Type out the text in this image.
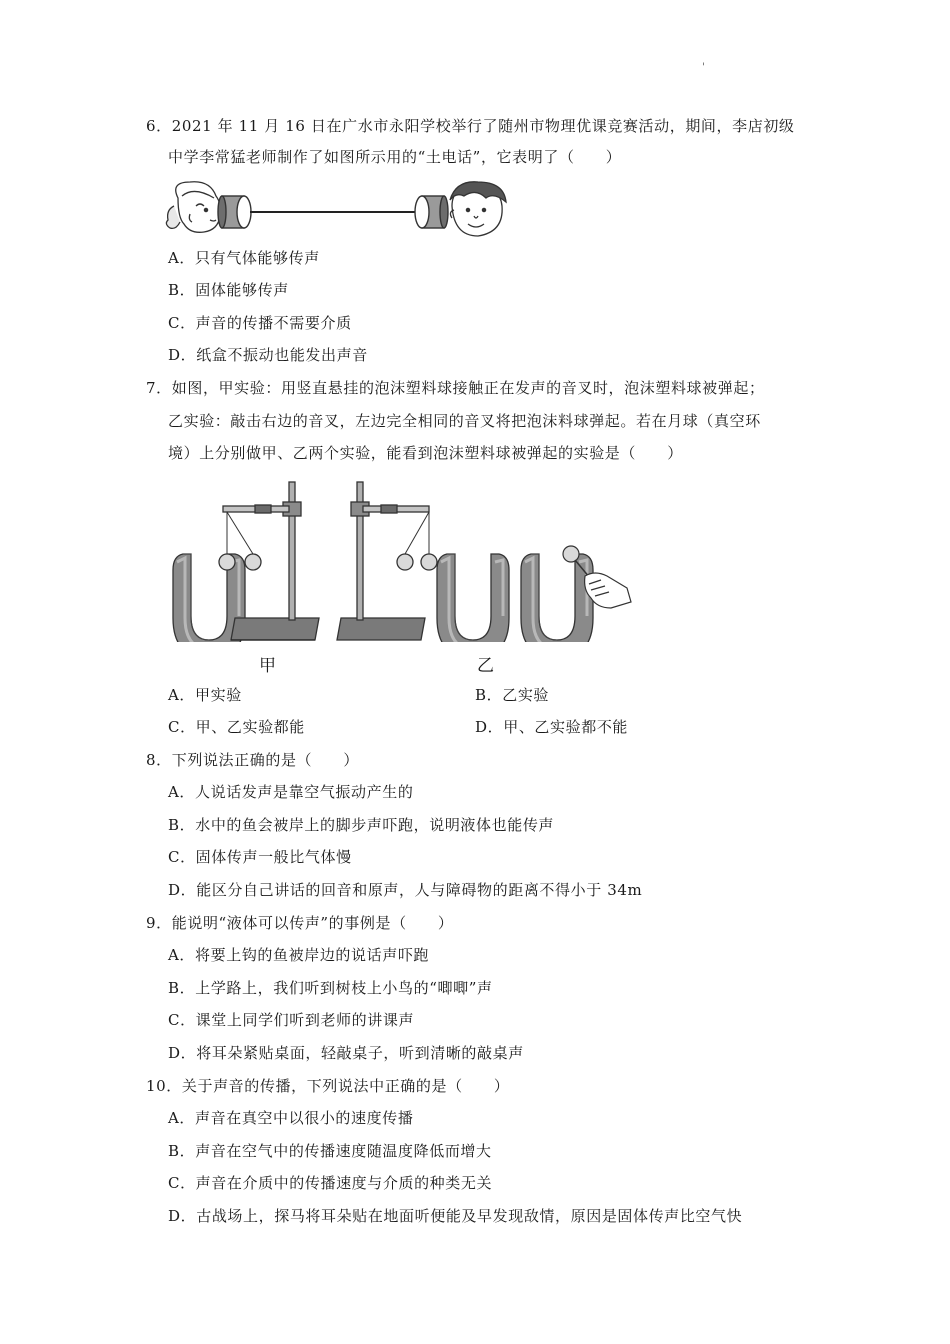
'
6．2021 年 11 月 16 日在广水市永阳学校举行了随州市物理优课竞赛活动，期间，李店初级
中学李常猛老师制作了如图所示用的“土电话”，它表明了（　　）
A．只有气体能够传声
B．固体能够传声
C．声音的传播不需要介质
D．纸盒不振动也能发出声音
7．如图，甲实验：用竖直悬挂的泡沫塑料球接触正在发声的音叉时，泡沫塑料球被弹起；
乙实验：敲击右边的音叉，左边完全相同的音叉将把泡沫料球弹起。若在月球（真空环
境）上分别做甲、乙两个实验，能看到泡沫塑料球被弹起的实验是（　　）
甲	乙
A．甲实验	B．乙实验
C．甲、乙实验都能	D．甲、乙实验都不能
8．下列说法正确的是（　　）
A．人说话发声是靠空气振动产生的
B．水中的鱼会被岸上的脚步声吓跑，说明液体也能传声
C．固体传声一般比气体慢
D．能区分自己讲话的回音和原声，人与障碍物的距离不得小于 34m
9．能说明“液体可以传声”的事例是（　　）
A．将要上钩的鱼被岸边的说话声吓跑
B．上学路上，我们听到树枝上小鸟的“唧唧”声
C．课堂上同学们听到老师的讲课声
D．将耳朵紧贴桌面，轻敲桌子，听到清晰的敲桌声
10．关于声音的传播，下列说法中正确的是（　　）
A．声音在真空中以很小的速度传播
B．声音在空气中的传播速度随温度降低而增大
C．声音在介质中的传播速度与介质的种类无关
D．古战场上，探马将耳朵贴在地面听便能及早发现敌情，原因是固体传声比空气快
